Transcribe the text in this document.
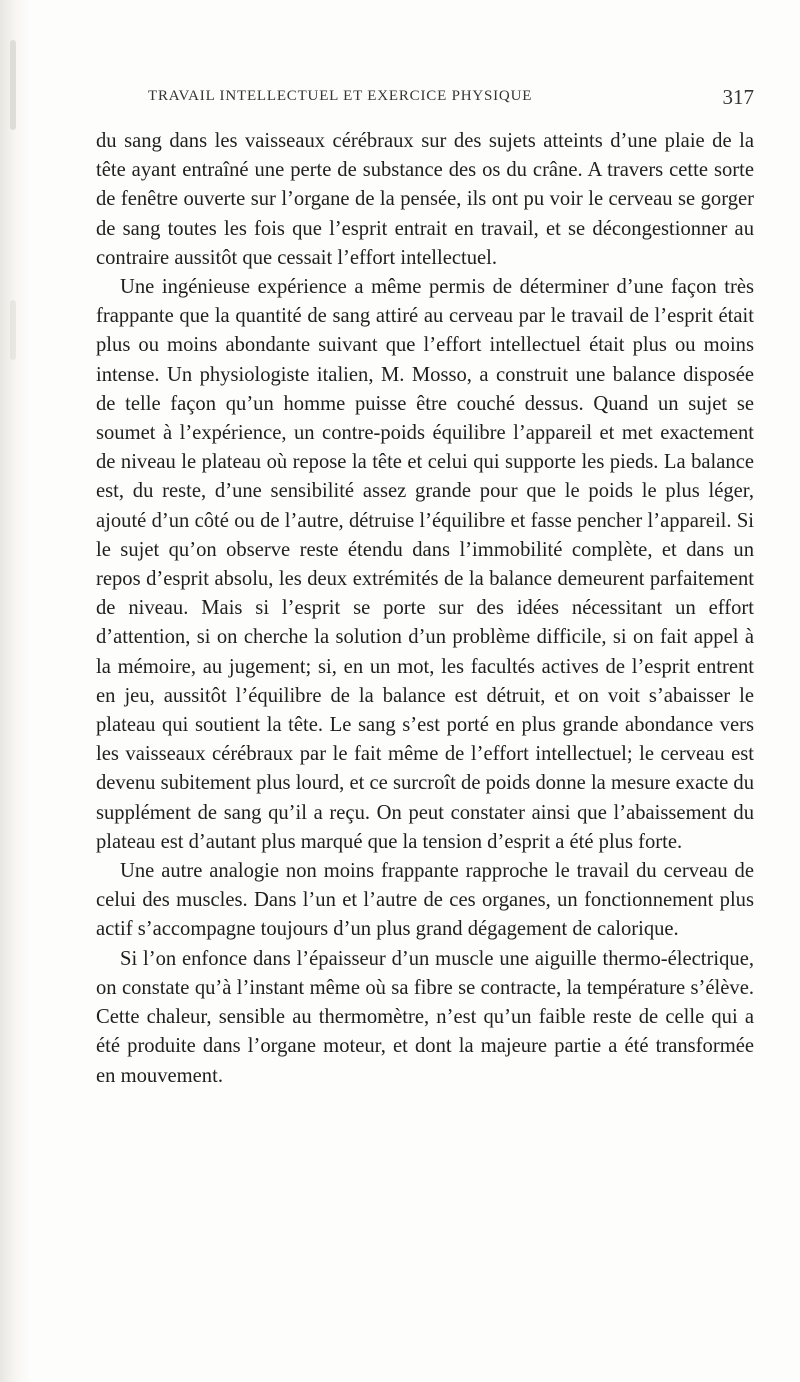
TRAVAIL INTELLECTUEL ET EXERCICE PHYSIQUE	317

du sang dans les vaisseaux cérébraux sur des sujets atteints d’une plaie de la tête ayant entraîné une perte de substance des os du crâne. A travers cette sorte de fenêtre ouverte sur l’organe de la pensée, ils ont pu voir le cerveau se gorger de sang toutes les fois que l’esprit entrait en travail, et se décongestionner au contraire aussitôt que cessait l’effort intellectuel.

Une ingénieuse expérience a même permis de déterminer d’une façon très frappante que la quantité de sang attiré au cerveau par le travail de l’esprit était plus ou moins abondante suivant que l’effort intellectuel était plus ou moins intense. Un physiologiste italien, M. Mosso, a construit une balance disposée de telle façon qu’un homme puisse être couché dessus. Quand un sujet se soumet à l’expérience, un contre-poids équilibre l’appareil et met exactement de niveau le plateau où repose la tête et celui qui supporte les pieds. La balance est, du reste, d’une sensibilité assez grande pour que le poids le plus léger, ajouté d’un côté ou de l’autre, détruise l’équilibre et fasse pencher l’appareil. Si le sujet qu’on observe reste étendu dans l’immobilité complète, et dans un repos d’esprit absolu, les deux extrémités de la balance demeurent parfaitement de niveau. Mais si l’esprit se porte sur des idées nécessitant un effort d’attention, si on cherche la solution d’un problème difficile, si on fait appel à la mémoire, au jugement; si, en un mot, les facultés actives de l’esprit entrent en jeu, aussitôt l’équilibre de la balance est détruit, et on voit s’abaisser le plateau qui soutient la tête. Le sang s’est porté en plus grande abondance vers les vaisseaux cérébraux par le fait même de l’effort intellectuel; le cerveau est devenu subitement plus lourd, et ce surcroît de poids donne la mesure exacte du supplément de sang qu’il a reçu. On peut constater ainsi que l’abaissement du plateau est d’autant plus marqué que la tension d’esprit a été plus forte.

Une autre analogie non moins frappante rapproche le travail du cerveau de celui des muscles. Dans l’un et l’autre de ces organes, un fonctionnement plus actif s’accompagne toujours d’un plus grand dégagement de calorique.

Si l’on enfonce dans l’épaisseur d’un muscle une aiguille thermo-électrique, on constate qu’à l’instant même où sa fibre se contracte, la température s’élève. Cette chaleur, sensible au thermomètre, n’est qu’un faible reste de celle qui a été produite dans l’organe moteur, et dont la majeure partie a été transformée en mouvement.
